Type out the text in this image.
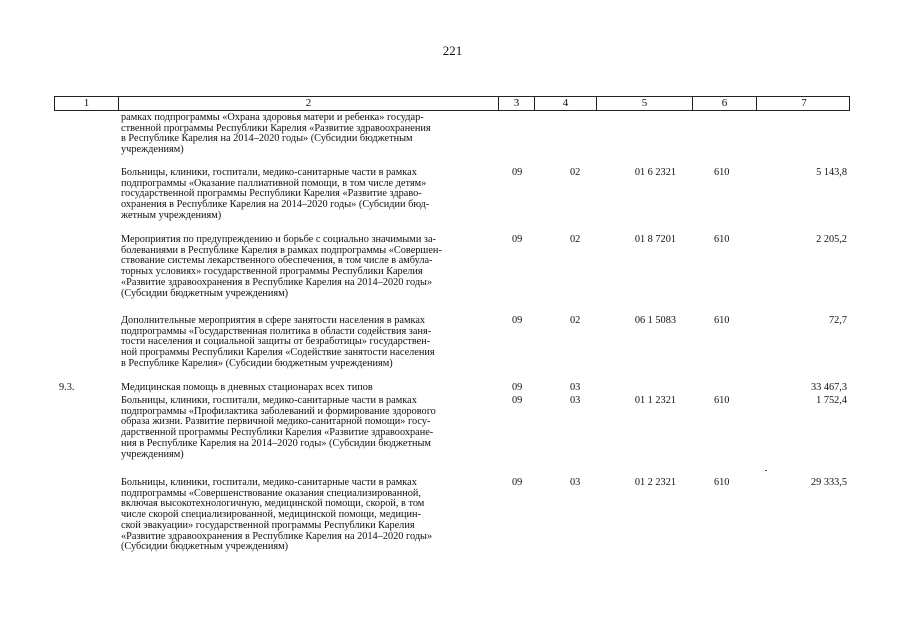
221
1	2	3	4	5	6	7
рамках подпрограммы «Охрана здоровья матери и ребенка» государ-
ственной программы Республики Карелия «Развитие здравоохранения
в Республике Карелия на 2014–2020 годы» (Субсидии бюджетным
учреждениям)
Больницы, клиники, госпитали, медико-санитарные части в рамках
подпрограммы «Оказание паллиативной помощи, в том числе детям»
государственной программы Республики Карелия «Развитие здраво-
охранения в Республике Карелия на 2014–2020 годы» (Субсидии бюд-
жетным учреждениям)
09	02	01 6 2321	610	5 143,8
Мероприятия по предупреждению и борьбе с социально значимыми за-
болеваниями в Республике Карелия в рамках подпрограммы «Совершен-
ствование системы лекарственного обеспечения, в том числе в амбула-
торных условиях» государственной программы Республики Карелия
«Развитие здравоохранения в Республике Карелия на 2014–2020 годы»
(Субсидии бюджетным учреждениям)
09	02	01 8 7201	610	2 205,2
Дополнительные мероприятия в сфере занятости населения в рамках
подпрограммы «Государственная политика в области содействия заня-
тости населения и социальной защиты от безработицы» государствен-
ной программы Республики Карелия «Содействие занятости населения
в Республике Карелия» (Субсидии бюджетным учреждениям)
09	02	06 1 5083	610	72,7
9.3.	Медицинская помощь в дневных стационарах всех типов	09	03	33 467,3
Больницы, клиники, госпитали, медико-санитарные части в рамках
подпрограммы «Профилактика заболеваний и формирование здорового
образа жизни. Развитие первичной медико-санитарной помощи» госу-
дарственной программы Республики Карелия «Развитие здравоохране-
ния в Республике Карелия на 2014–2020 годы» (Субсидии бюджетным
учреждениям)
09	03	01 1 2321	610	1 752,4
Больницы, клиники, госпитали, медико-санитарные части в рамках
подпрограммы «Совершенствование оказания специализированной,
включая высокотехнологичную, медицинской помощи, скорой, в том
числе скорой специализированной, медицинской помощи, медицин-
ской эвакуации» государственной программы Республики Карелия
«Развитие здравоохранения в Республике Карелия на 2014–2020 годы»
(Субсидии бюджетным учреждениям)
09	03	01 2 2321	610	29 333,5
